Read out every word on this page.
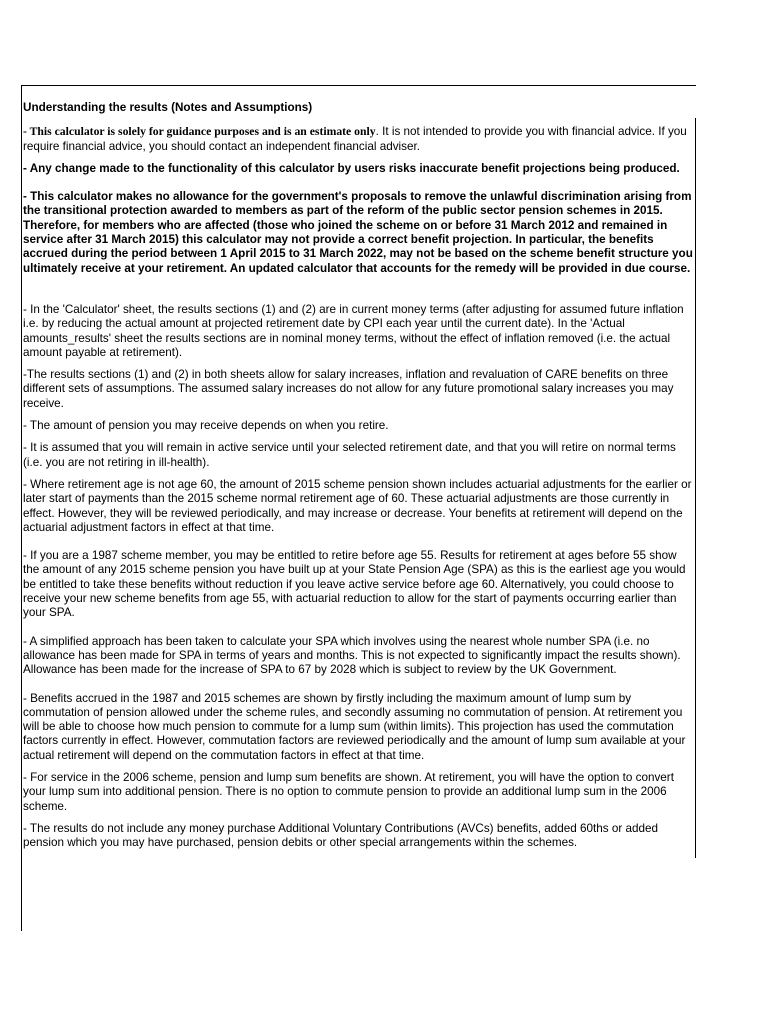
Understanding the results (Notes and Assumptions)
- This calculator is solely for guidance purposes and is an estimate only. It is not intended to provide you with financial advice. If you require financial advice, you should contact an independent financial adviser.
- Any change made to the functionality of this calculator by users risks inaccurate benefit projections being produced.
- This calculator makes no allowance for the government's proposals to remove the unlawful discrimination arising from the transitional protection awarded to members as part of the reform of the public sector pension schemes in 2015. Therefore, for members who are affected (those who joined the scheme on or before 31 March 2012 and remained in service after 31 March 2015) this calculator may not provide a correct benefit projection. In particular, the benefits accrued during the period between 1 April 2015 to 31 March 2022, may not be based on the scheme benefit structure you ultimately receive at your retirement. An updated calculator that accounts for the remedy will be provided in due course.
- In the 'Calculator' sheet, the results sections (1) and (2) are in current money terms (after adjusting for assumed future inflation i.e. by reducing the actual amount at projected retirement date by CPI each year until the current date). In the 'Actual amounts_results' sheet the results sections are in nominal money terms, without the effect of inflation removed (i.e. the actual amount payable at retirement).
-The results sections (1) and (2) in both sheets allow for salary increases, inflation and revaluation of CARE benefits on three different sets of assumptions. The assumed salary increases do not allow for any future promotional salary increases you may receive.
- The amount of pension you may receive depends on when you retire.
- It is assumed that you will remain in active service until your selected retirement date, and that you will retire on normal terms (i.e. you are not retiring in ill-health).
- Where retirement age is not age 60, the amount of 2015 scheme pension shown includes actuarial adjustments for the earlier or later start of payments than the 2015 scheme normal retirement age of 60. These actuarial adjustments are those currently in effect. However, they will be reviewed periodically, and may increase or decrease. Your benefits at retirement will depend on the actuarial adjustment factors in effect at that time.
- If you are a 1987 scheme member, you may be entitled to retire before age 55. Results for retirement at ages before 55 show the amount of any 2015 scheme pension you have built up at your State Pension Age (SPA) as this is the earliest age you would be entitled to take these benefits without reduction if you leave active service before age 60. Alternatively, you could choose to receive your new scheme benefits from age 55, with actuarial reduction to allow for the start of payments occurring earlier than your SPA.
- A simplified approach has been taken to calculate your SPA which involves using the nearest whole number SPA (i.e. no allowance has been made for SPA in terms of years and months. This is not expected to significantly impact the results shown). Allowance has been made for the increase of SPA to 67 by 2028 which is subject to review by the UK Government.
- Benefits accrued in the 1987 and 2015 schemes are shown by firstly including the maximum amount of lump sum by commutation of pension allowed under the scheme rules, and secondly assuming no commutation of pension. At retirement you will be able to choose how much pension to commute for a lump sum (within limits). This projection has used the commutation factors currently in effect. However, commutation factors are reviewed periodically and the amount of lump sum available at your actual retirement will depend on the commutation factors in effect at that time.
- For service in the 2006 scheme, pension and lump sum benefits are shown. At retirement, you will have the option to convert your lump sum into additional pension. There is no option to commute pension to provide an additional lump sum in the 2006 scheme.
- The results do not include any money purchase Additional Voluntary Contributions (AVCs) benefits, added 60ths or added pension which you may have purchased, pension debits or other special arrangements within the schemes.
